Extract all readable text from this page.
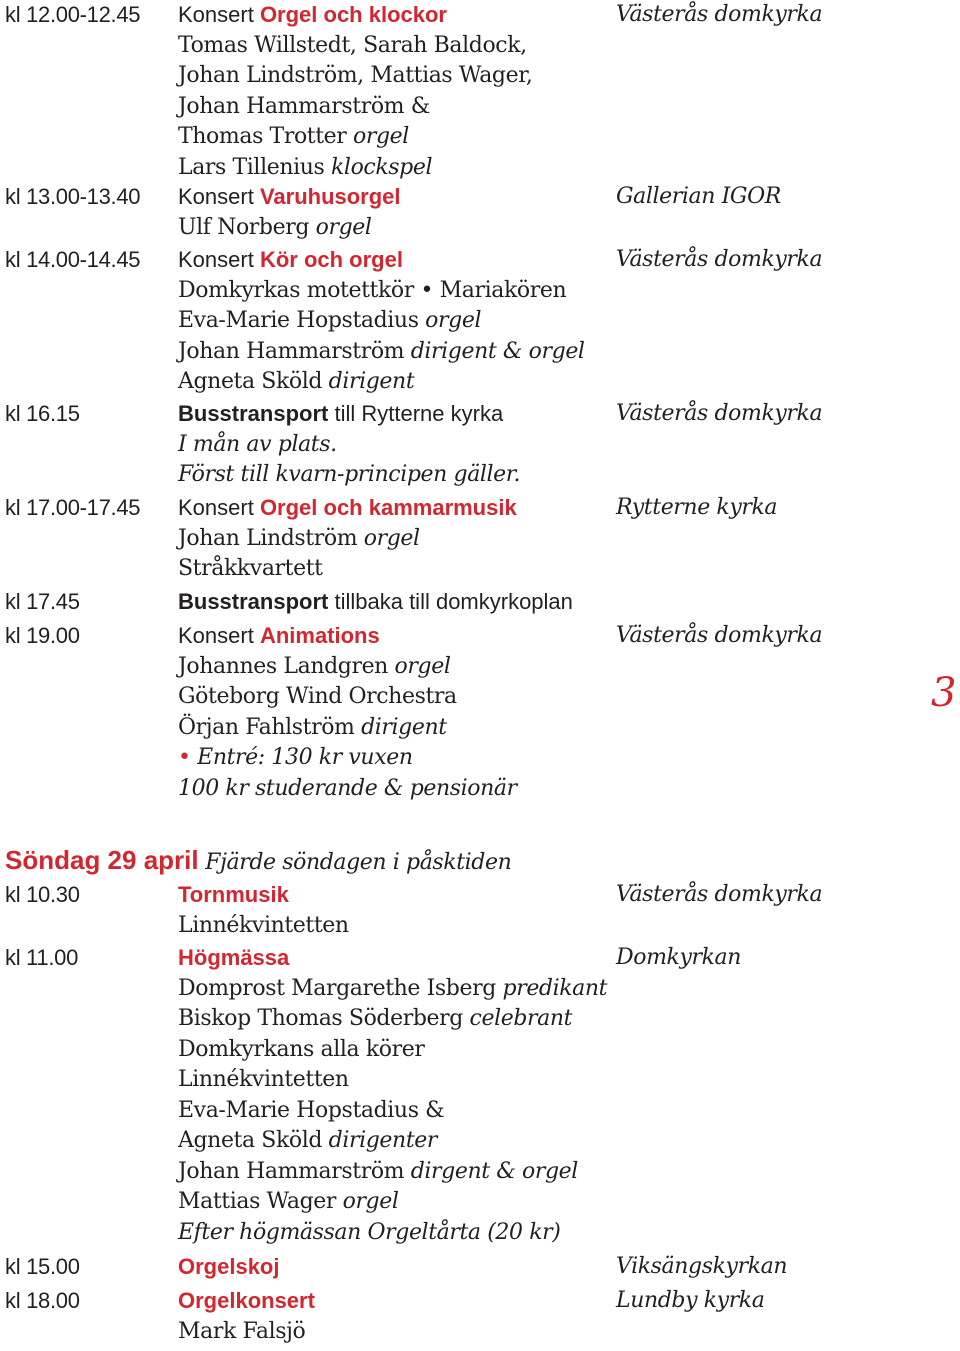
kl 12.00-12.45 Konsert Orgel och klockor	Västerås domkyrka
Tomas Willstedt, Sarah Baldock,
Johan Lindström, Mattias Wager,
Johan Hammarström &
Thomas Trotter orgel
Lars Tillenius klockspel
kl 13.00-13.40 Konsert Varuhusorgel	Gallerian IGOR
Ulf Norberg orgel
kl 14.00-14.45 Konsert Kör och orgel	Västerås domkyrka
Domkyrkas motettkör • Mariakören
Eva-Marie Hopstadius orgel
Johan Hammarström dirigent & orgel
Agneta Sköld dirigent
kl 16.15	Busstransport till Rytterne kyrka	Västerås domkyrka
I mån av plats.
Först till kvarn-principen gäller.
kl 17.00-17.45 Konsert Orgel och kammarmusik	Rytterne kyrka
Johan Lindström orgel
Stråkkvartett
kl 17.45	Busstransport tillbaka till domkyrkoplan
kl 19.00	Konsert Animations	Västerås domkyrka
Johannes Landgren orgel
Göteborg Wind Orchestra
Örjan Fahlström dirigent
• Entré: 130 kr vuxen
100 kr studerande & pensionär
3
Söndag 29 april Fjärde söndagen i påsktiden
kl 10.30	Tornmusik	Västerås domkyrka
Linnékvintetten
kl 11.00	Högmässa	Domkyrkan
Domprost Margarethe Isberg predikant
Biskop Thomas Söderberg celebrant
Domkyrkans alla körer
Linnékvintetten
Eva-Marie Hopstadius &
Agneta Sköld dirigenter
Johan Hammarström dirgent & orgel
Mattias Wager orgel
Efter högmässan Orgeltårta (20 kr)
kl 15.00	Orgelskoj	Viksängskyrkan
kl 18.00	Orgelkonsert	Lundby kyrka
Mark Falsjö
